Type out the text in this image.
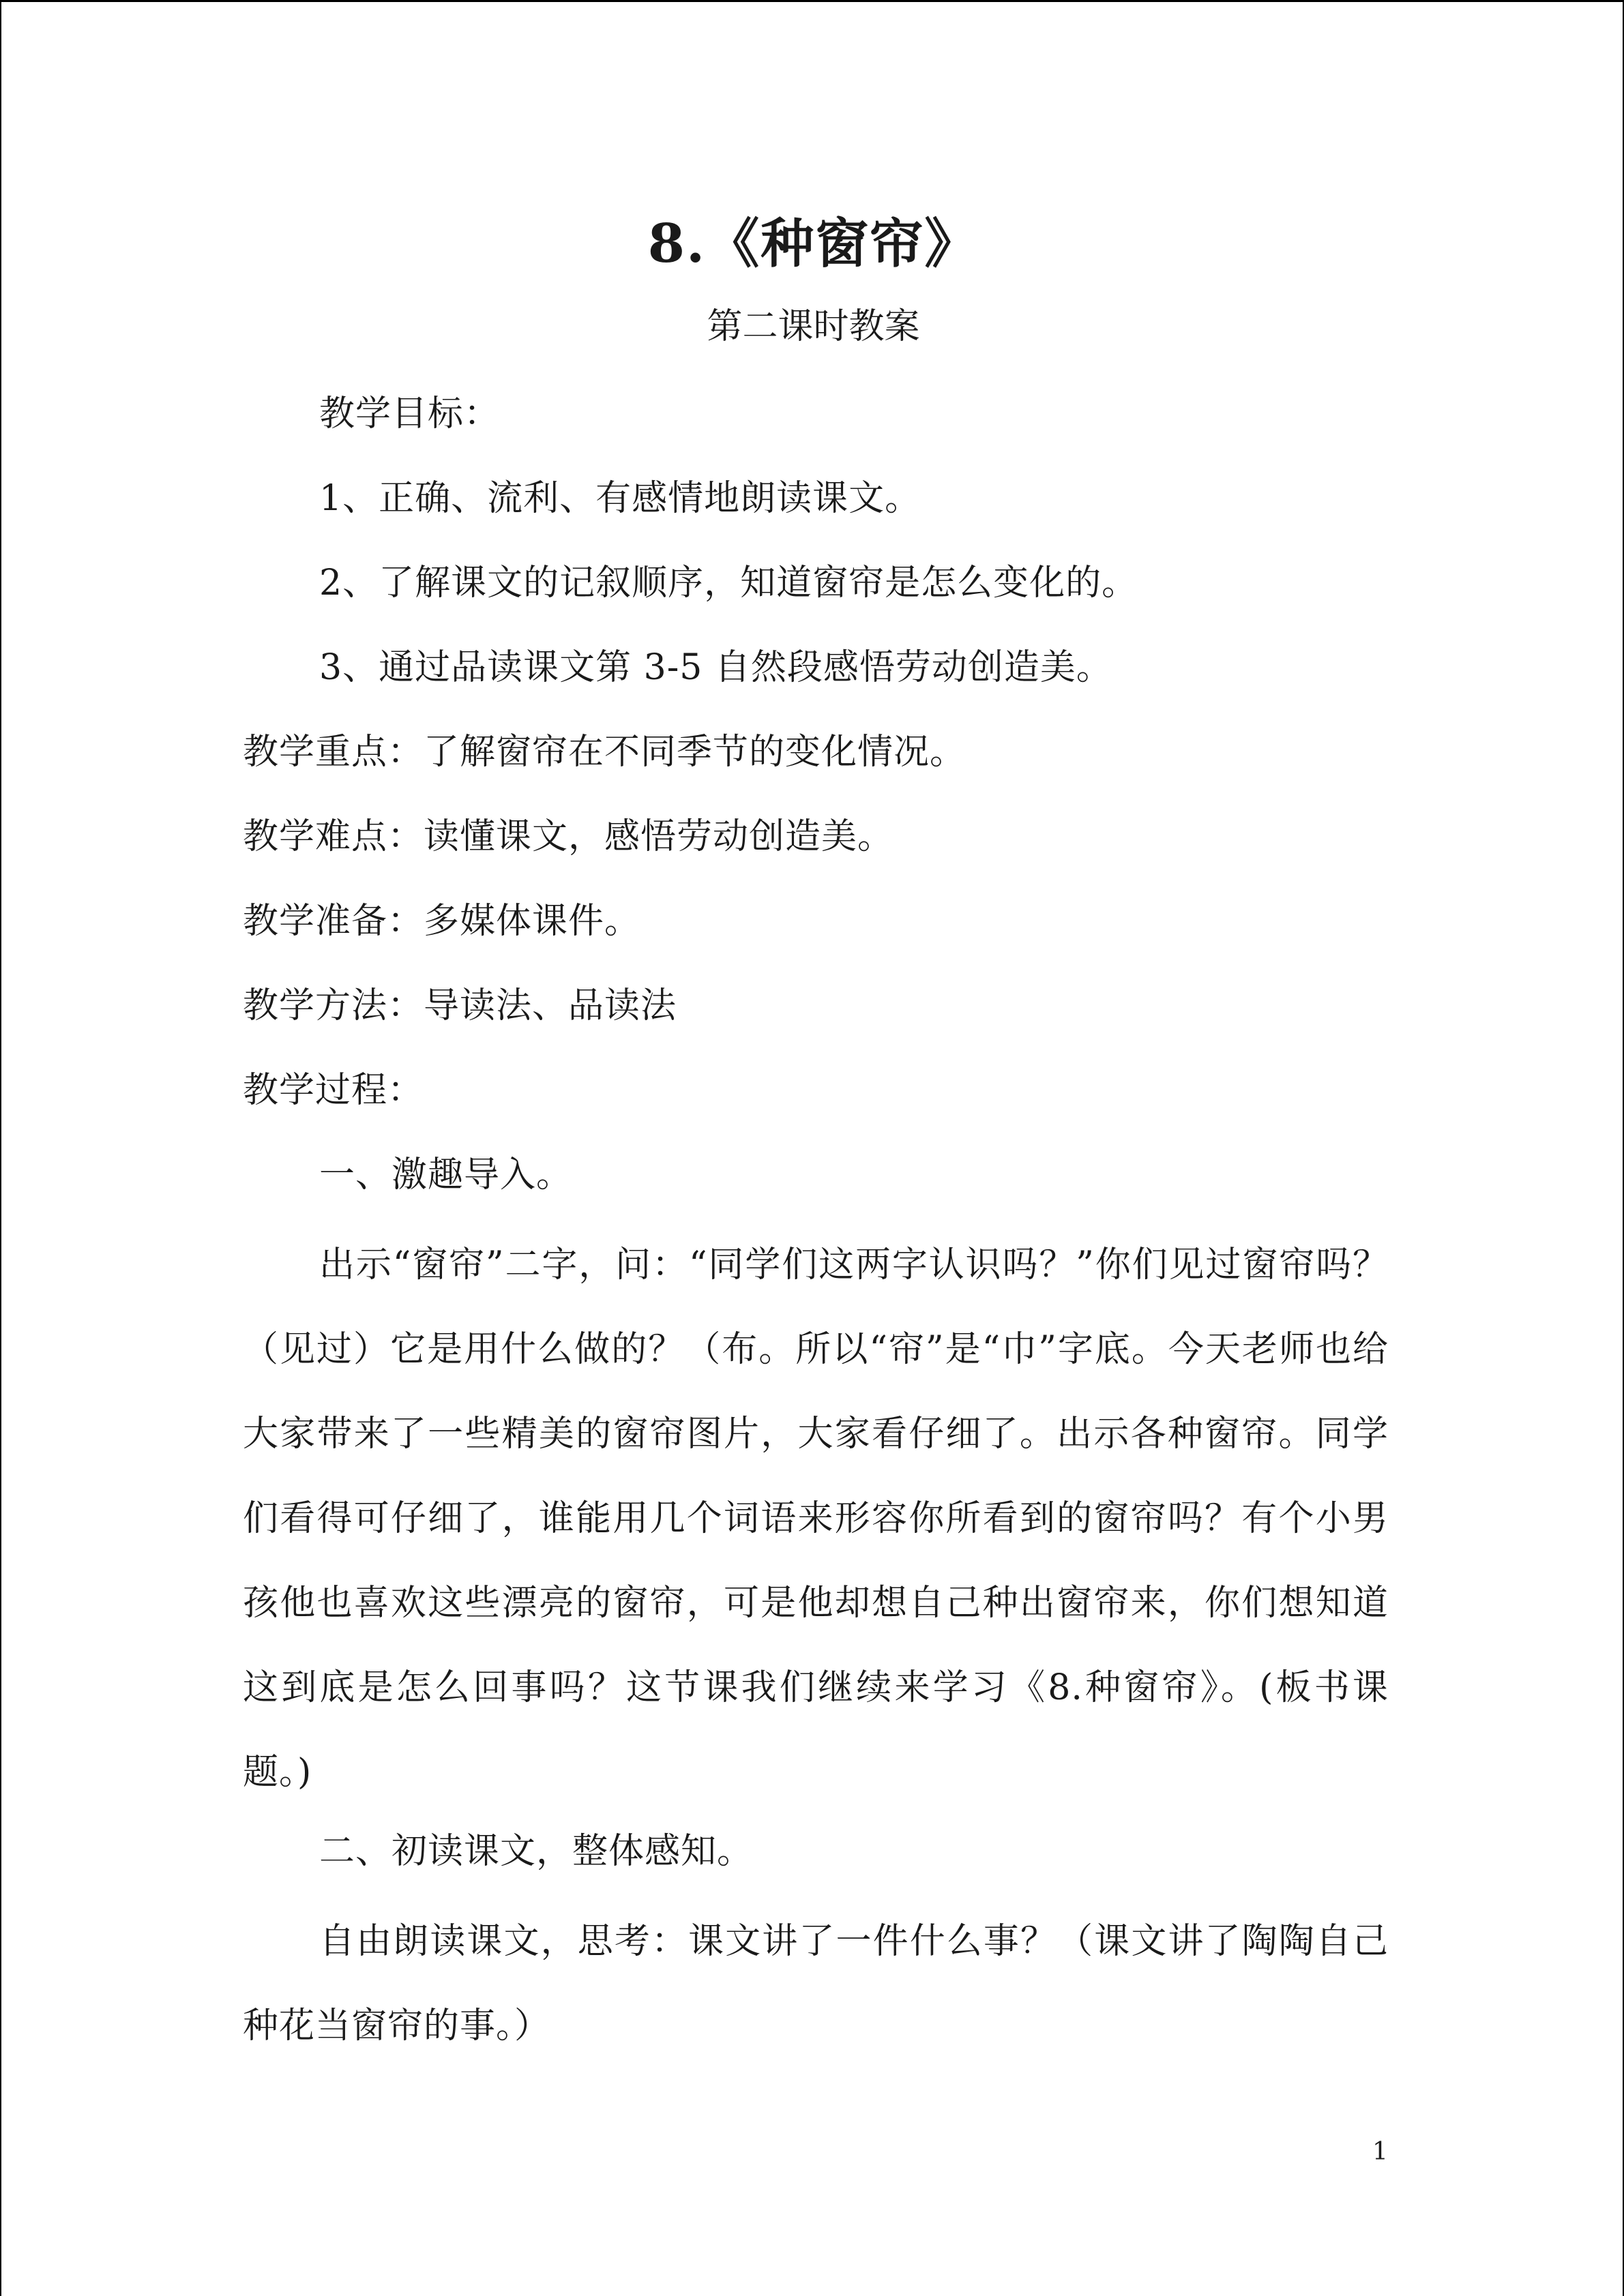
8.《种窗帘》
第二课时教案
教学目标：
1、正确、流利、有感情地朗读课文。
2、了解课文的记叙顺序，知道窗帘是怎么变化的。
3、通过品读课文第 3-5 自然段感悟劳动创造美。
教学重点：了解窗帘在不同季节的变化情况。
教学难点：读懂课文，感悟劳动创造美。
教学准备：多媒体课件。
教学方法：导读法、品读法
教学过程：
一、激趣导入。
出示“窗帘”二字，问：“同学们这两字认识吗？”你们见过窗帘吗？（见过）它是用什么做的？（布。所以“帘”是“巾”字底。今天老师也给大家带来了一些精美的窗帘图片，大家看仔细了。出示各种窗帘。同学们看得可仔细了，谁能用几个词语来形容你所看到的窗帘吗？有个小男孩他也喜欢这些漂亮的窗帘，可是他却想自己种出窗帘来，你们想知道这到底是怎么回事吗？这节课我们继续来学习《8.种窗帘》。(板书课题。)
二、初读课文，整体感知。
自由朗读课文，思考：课文讲了一件什么事？（课文讲了陶陶自己种花当窗帘的事。）
1
